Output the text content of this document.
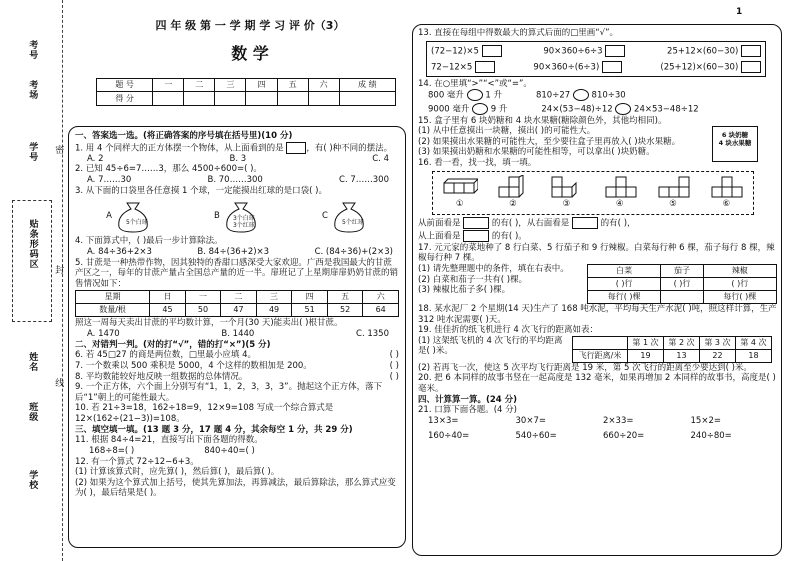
考号
考场
学号
贴条形码区
姓名
班级
学校
密
封
线
四 年 级 第 一 学 期 学 习 评 价（3）
数 学
1
题 号	一	二	三	四	五	六	成 绩
得 分							
一、答案选一选。(将正确答案的序号填在括号里)(10 分)
1. 用 4 个同样大的正方体摆一个物体，从上面看到的是	，有( )种不同的摆法。
A. 2	B. 3	C. 4
2. 已知 45÷6=7……3，那么 4500÷600=( )。
A. 7……30	B. 70……300	C. 7……300
3. 从下面的口袋里各任意摸 1 个球，一定能摸出红球的是口袋( )。
A
5个白球
B	3个白球
3个红球
C
5个红球
4. 下面算式中，( )最后一步计算除法。
A. 84÷36+2×3	B. 84÷(36+2)×3	C. (84÷36)+(2×3)
5. 甘蔗是一种热带作物，因其独特的香甜口感深受大家欢迎。广西是我国最大的甘蔗产区之一，每年的甘蔗产量占全国总产量的近一半。扉班记了上星期扉扉奶奶甘蔗的销售情况如下：
星期	日	一	二	三	四	五	六
数量/根	45	50	47	49	51	52	64
照这一周每天卖出甘蔗的平均数计算，一个月(30 天)能卖出( )根甘蔗。
A. 1470	B. 1440	C. 1350
二、对错判一判。(对的打“√”，错的打“×”)(5 分)
6. 若 45□27 的商是两位数，□里最小应填 4。	( )
7. 一个数乘以 500 乘积是 5000，4 个这样的数相加是 200。	( )
8. 平均数能较好地反映一组数据的总体情况。	( )
9. 一个正方体，六个面上分别写有“1，1，2，3，3，3”。抛起这个正方体，落下后“1”朝上的可能性最大。
10. 若 21÷3=18，162÷18=9，12×9=108 写成一个综合算式是 12×(162÷(21−3))=108。
三、填空填一填。(13 题 3 分，17 题 4 分，其余每空 1 分，共 29 分)
11. 根据 84÷4=21，直接写出下面各题的得数。
168÷8=( )	840÷40=( )
12. 有一个算式 72÷12−6+3。
(1) 计算该算式时，应先算( )，然后算( )，最后算( )。
(2) 如果为这个算式加上括号，使其先算加法，再算减法，最后算除法，那么算式应变为( )，最后结果是( )。
13. 直接在每组中得数最大的算式后面的□里画“√”。
(72−12)×5	90×360÷6÷3	25+12×(60−30)
72−12×5	90×360÷(6÷3)	(25+12)×(60−30)
14. 在○里填“>”“<”或“=”。
800 毫升	1 升	810÷27	810÷30
9000 毫升	9 升	24×(53−48)÷12	24×53−48÷12
15. 盒子里有 6 块奶糖和 4 块水果糖(糖除颜色外，其他均相同)。
(1) 从中任意摸出一块糖，摸出( )的可能性大。
(2) 如果摸出水果糖的可能性大，至少要往盒子里再放入( )块水果糖。
(3) 如果摸出奶糖和水果糖的可能性相等，可以拿出( )块奶糖。
6 块奶糖
4 块水果糖
16. 看一看，找一找，填一填。
①	②	③	④	⑤	⑥
从前面看是	的有( )，从右面看是	的有( )，
从上面看是	的有( )。
17. 元元家的菜地种了 8 行白菜、5 行茄子和 9 行辣椒。白菜每行种 6 棵，茄子每行 8 棵，辣椒每行种 7 棵。
(1) 请先整理题中的条件，填在右表中。
(2) 白菜和茄子一共有( )棵。
(3) 辣椒比茄子多( )棵。
白菜	茄子	辣椒
( )行	( )行	( )行
每行( )棵		每行( )棵
18. 某水泥厂 2 个星期(14 天)生产了 168 吨水泥，平均每天生产水泥( )吨，照这样计算，生产 312 吨水泥需要( )天。
19. 佳佳折的纸飞机进行 4 次飞行的距离如表：
(1) 这架纸飞机的 4 次飞行的平均距离是( )米。
	第 1 次	第 2 次	第 3 次	第 4 次
飞行距离/米	19	13	22	18
(2) 若再飞一次，使这 5 次平均飞行距离是 19 米，第 5 次飞行的距离至少要达到( )米。
20. 把 6 本同样的故事书竖在一起高度是 132 毫米，如果再增加 2 本同样的故事书，高度是( )毫米。
四、计算算一算。(24 分)
21. 口算下面各题。(4 分)
13×3=	30×7=	2×33=	15×2=
160÷40=	540÷60=	660÷20=	240÷80=
